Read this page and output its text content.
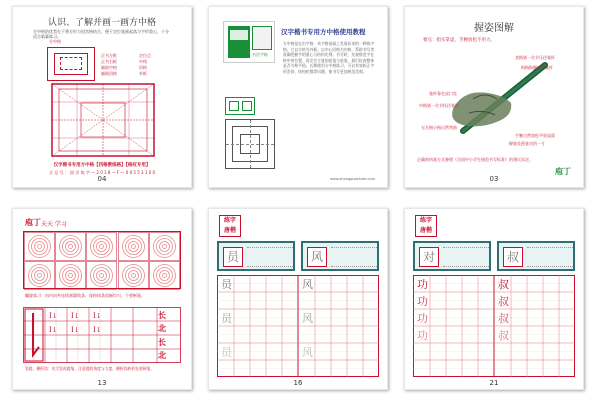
认识、了解并画一画方中格
方中格的优势在于将方形与回宫格结合，便于定位笔画起落与字形重心，十分适合临摹练习。
方中格
正书左框
正书右框
辅助中格
辅助回格
定位点
中线
回格
外框
汉字楷书专用方中格【四格教练格】【格纹专用】
合 记 号 ： 国 学 练 字 — 2 0 1 8 — F — 0 0 5 5 3 1 0 0
04
书法字帖
汉字楷书专用方中格使用教程
方中格是在田字格、米字格基础上发展而来的一种练字格。它以方格为外框，以中心回格为内核，帮助书写者准确把握字的重心与结构比例。书写时，先观察范字在格中的位置，再定位主笔的起笔与收笔，最后检查整体是否匀称平稳。长期使用方中格练习，可以有效纠正字形歪斜、结构松散等问题，使书写更加规范美观。
www.zhongguoshufa.com
握姿图解
要点：指实掌虚，手腕放松不用力。
食指第一关节压住笔杆
拇指指腹抵住笔杆
笔杆靠在虎口处
中指第一关节托住笔杆
无名指小指自然弯曲
手腕自然放松平放桌面
握笔处距笔尖约一寸
正确的执笔方式参照《全国中小学生规范书写标准》的建议而定。
03
庖丁
天天 学习
螺旋练习：由内向外连续画圆线条，保持线条流畅均匀，不要断笔。
I↓ I↓ I↓
I↓ I↓ I↓
长
北
长
北
竖提、横折钩：先写竖再提笔，注意提的角度与力度，横折钩转折处要顿笔。
13
庖丁	练字
唐楷
员	风
员
员
员
风
风
风
16
练字
唐楷
对	叔
功
功
功
功
叔
叔
叔
叔
21
